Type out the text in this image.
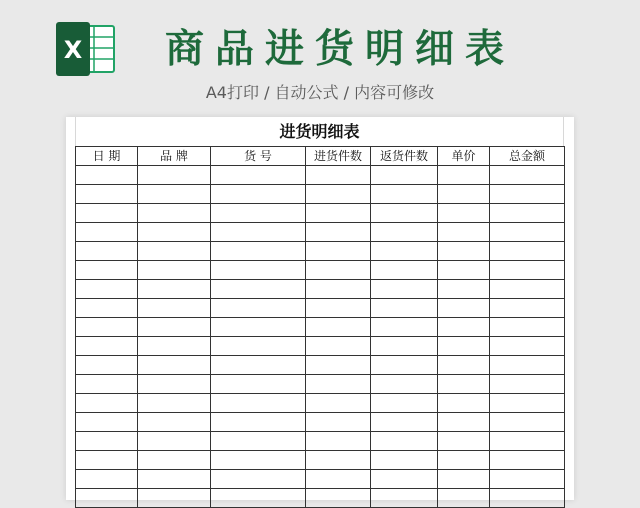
X	商品进货明细表
A4打印 / 自动公式 / 内容可修改
进货明细表
日 期	品 牌	货 号	进货件数	返货件数	单价	总金额
